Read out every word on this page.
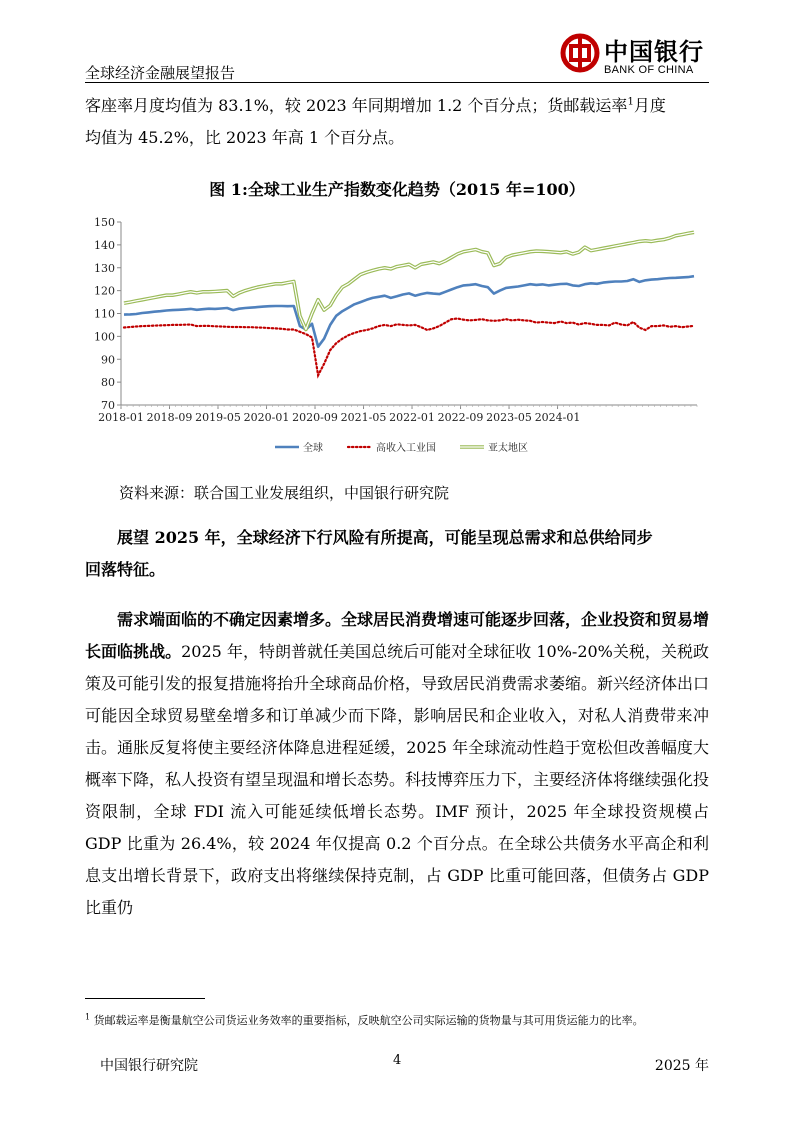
中国银行
BANK OF CHINA
全球经济金融展望报告

客座率月度均值为 83.1%，较 2023 年同期增加 1.2 个百分点；货邮载运率$^1$月度
均值为 45.2%，比 2023 年高 1 个百分点。

图 1:全球工业生产指数变化趋势（2015 年=100）
70
80
90
100
110
120
130
140
150
2018-01 2018-09 2019-05 2020-01 2020-09 2021-05 2022-01 2022-09 2023-05 2024-01
全球	高收入工业国	亚太地区
资料来源：联合国工业发展组织，中国银行研究院

展望 2025 年，全球经济下行风险有所提高，可能呈现总需求和总供给同步
回落特征。

需求端面临的不确定因素增多。全球居民消费增速可能逐步回落，企业投资和贸易增长面临挑战。2025 年，特朗普就任美国总统后可能对全球征收 10%-20%关税，关税政策及可能引发的报复措施将抬升全球商品价格，导致居民消费需求萎缩。新兴经济体出口可能因全球贸易壁垒增多和订单减少而下降，影响居民和企业收入，对私人消费带来冲击。通胀反复将使主要经济体降息进程延缓，2025 年全球流动性趋于宽松但改善幅度大概率下降，私人投资有望呈现温和增长态势。科技博弈压力下，主要经济体将继续强化投资限制，全球 FDI 流入可能延续低增长态势。IMF 预计，2025 年全球投资规模占 GDP 比重为 26.4%，较 2024 年仅提高 0.2 个百分点。在全球公共债务水平高企和利息支出增长背景下，政府支出将继续保持克制，占 GDP 比重可能回落，但债务占 GDP 比重仍

$^1$ 货邮载运率是衡量航空公司货运业务效率的重要指标，反映航空公司实际运输的货物量与其可用货运能力的比率。
中国银行研究院	4	2025 年
